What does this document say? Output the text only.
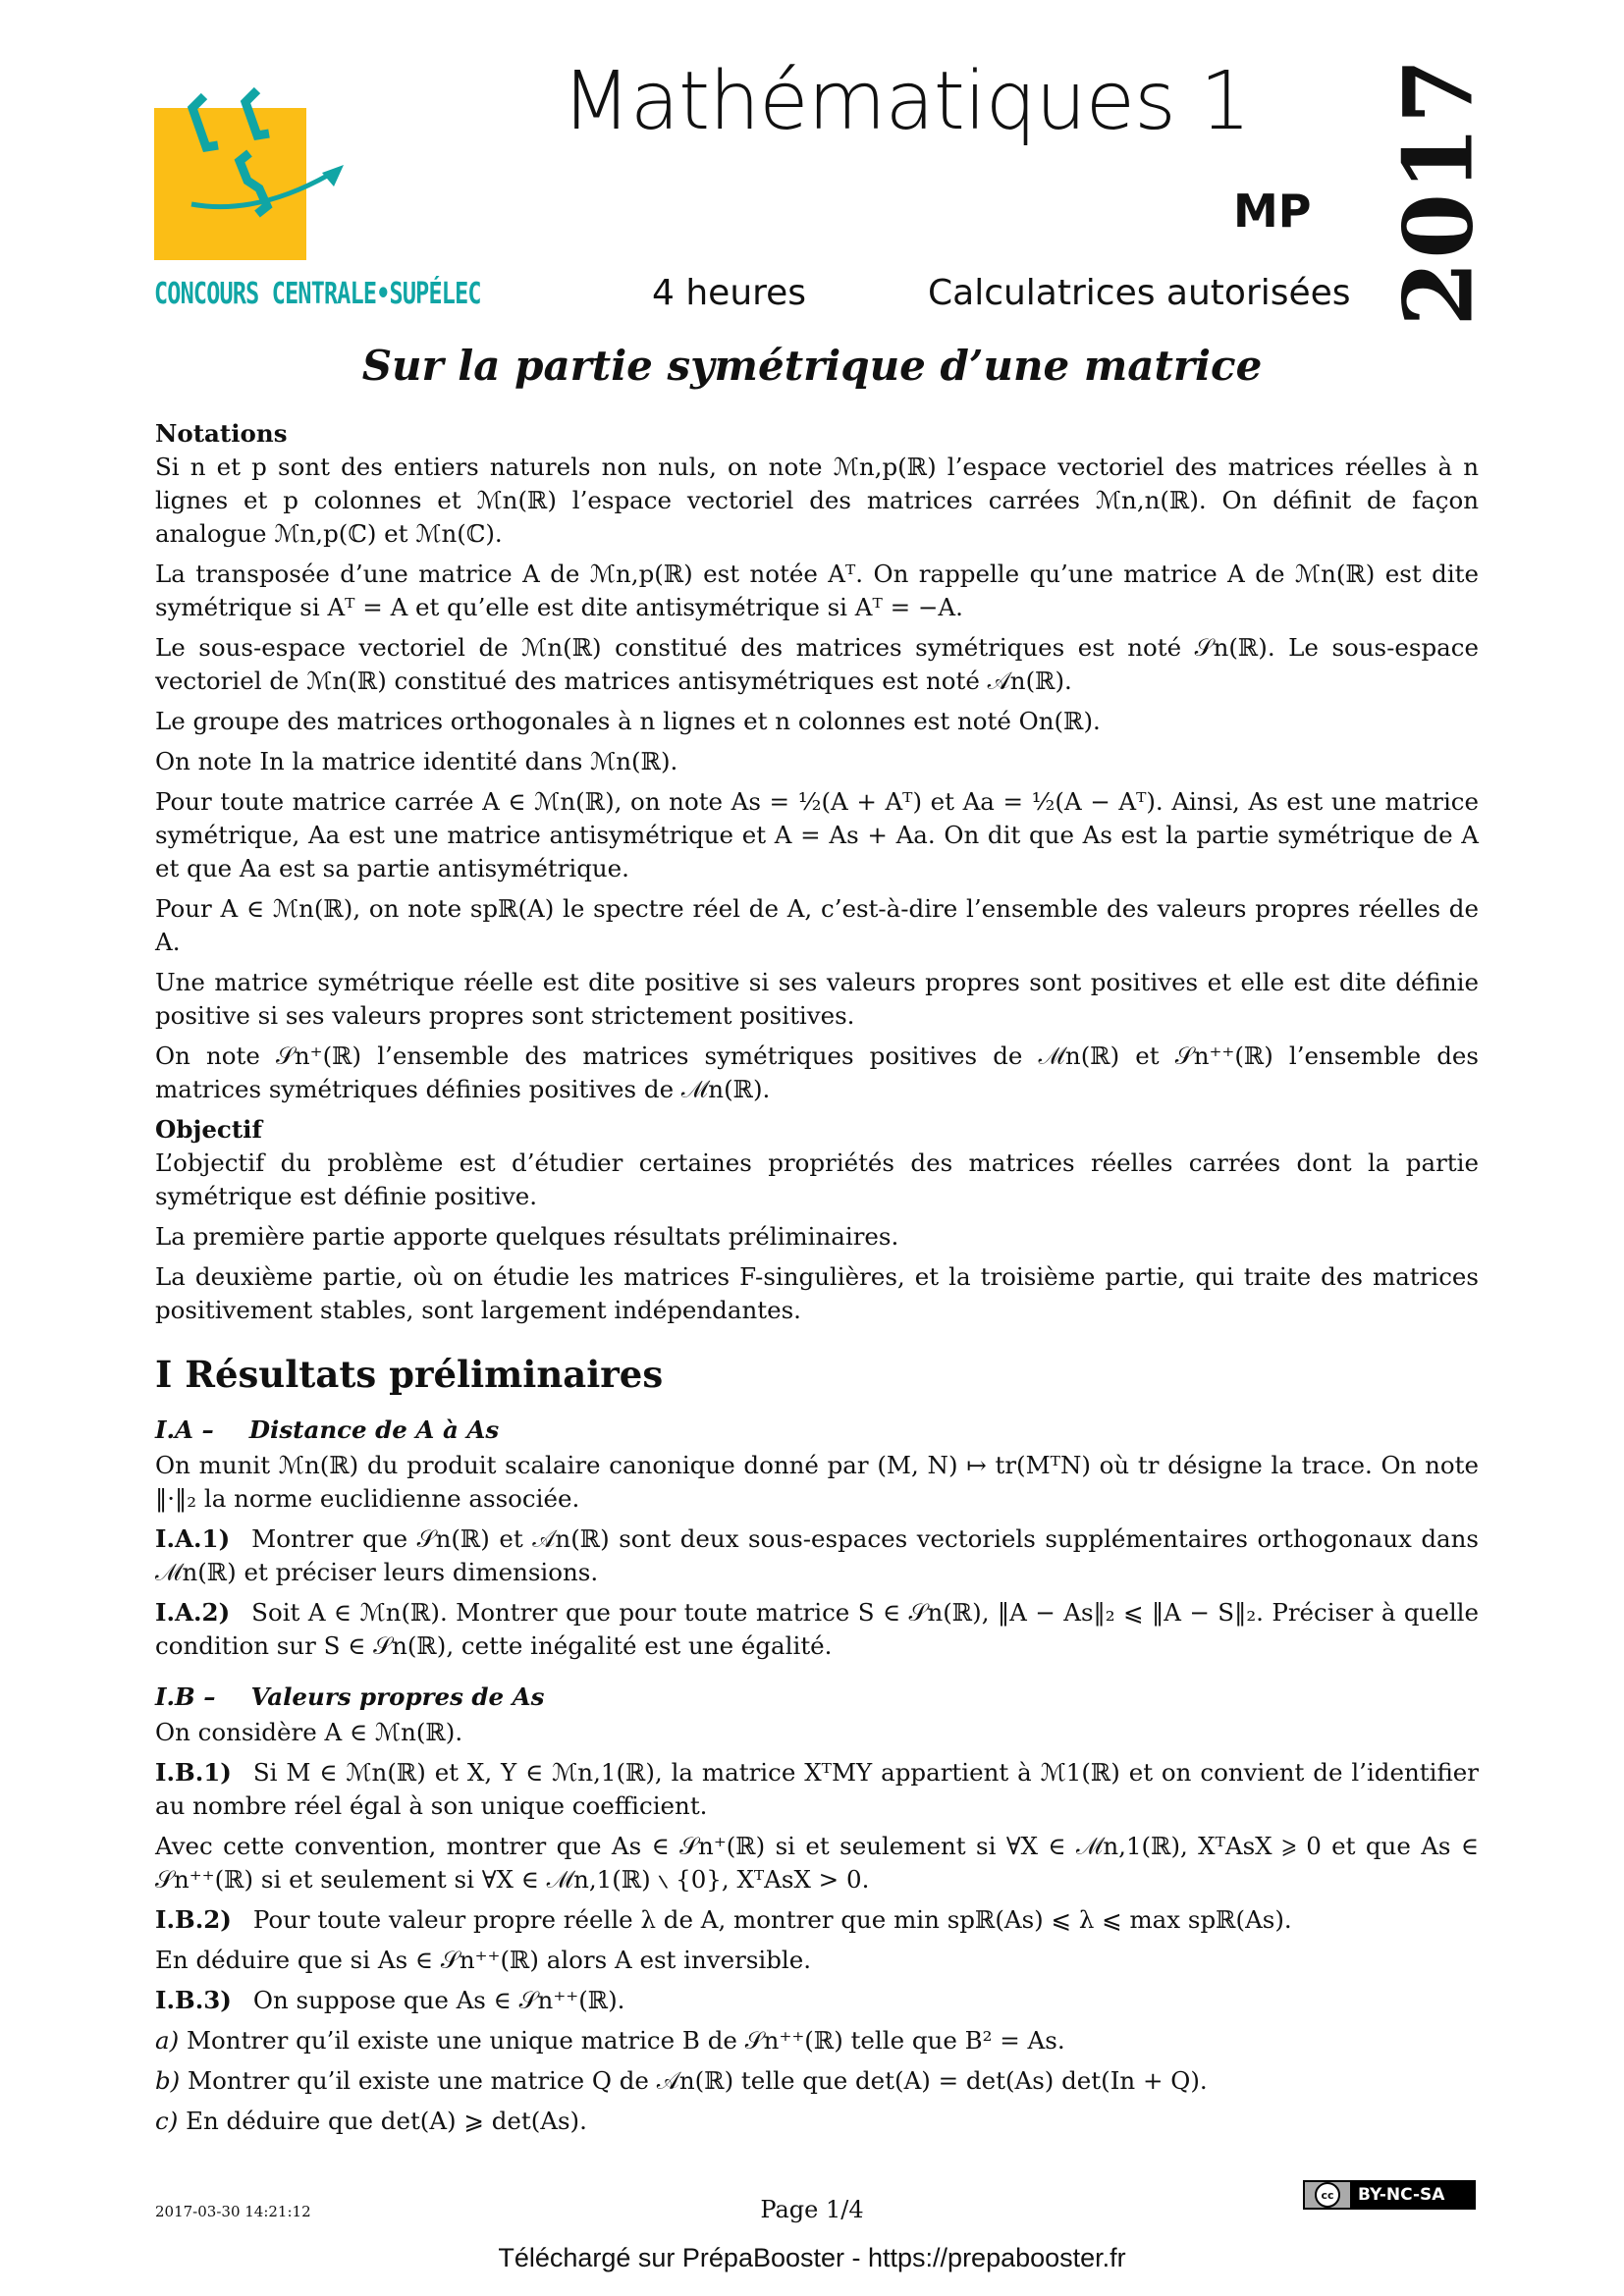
CONCOURS CENTRALE•SUPÉLEC
Mathématiques 1
MP 2017
4 heures	Calculatrices autorisées
Sur la partie symétrique d’une matrice
Notations

Si n et p sont des entiers naturels non nuls, on note ℳn,p(ℝ) l’espace vectoriel des matrices réelles à n lignes et p colonnes et ℳn(ℝ) l’espace vectoriel des matrices carrées ℳn,n(ℝ). On définit de façon analogue ℳn,p(ℂ) et ℳn(ℂ).

La transposée d’une matrice A de ℳn,p(ℝ) est notée Aᵀ. On rappelle qu’une matrice A de ℳn(ℝ) est dite symétrique si Aᵀ = A et qu’elle est dite antisymétrique si Aᵀ = −A.

Le sous-espace vectoriel de ℳn(ℝ) constitué des matrices symétriques est noté 𝒮n(ℝ). Le sous-espace vectoriel de ℳn(ℝ) constitué des matrices antisymétriques est noté 𝒜n(ℝ).

Le groupe des matrices orthogonales à n lignes et n colonnes est noté On(ℝ).

On note In la matrice identité dans ℳn(ℝ).

Pour toute matrice carrée A ∈ ℳn(ℝ), on note As = ½(A + Aᵀ) et Aa = ½(A − Aᵀ). Ainsi, As est une matrice symétrique, Aa est une matrice antisymétrique et A = As + Aa. On dit que As est la partie symétrique de A et que Aa est sa partie antisymétrique.

Pour A ∈ ℳn(ℝ), on note spℝ(A) le spectre réel de A, c’est-à-dire l’ensemble des valeurs propres réelles de A.

Une matrice symétrique réelle est dite positive si ses valeurs propres sont positives et elle est dite définie positive si ses valeurs propres sont strictement positives.

On note 𝒮n⁺(ℝ) l’ensemble des matrices symétriques positives de ℳn(ℝ) et 𝒮n⁺⁺(ℝ) l’ensemble des matrices symétriques définies positives de ℳn(ℝ).

Objectif

L’objectif du problème est d’étudier certaines propriétés des matrices réelles carrées dont la partie symétrique est définie positive.

La première partie apporte quelques résultats préliminaires.

La deuxième partie, où on étudie les matrices F-singulières, et la troisième partie, qui traite des matrices positivement stables, sont largement indépendantes.

I Résultats préliminaires
I.A – Distance de A à As

On munit ℳn(ℝ) du produit scalaire canonique donné par (M, N) ↦ tr(MᵀN) où tr désigne la trace. On note ‖·‖₂ la norme euclidienne associée.

I.A.1) Montrer que 𝒮n(ℝ) et 𝒜n(ℝ) sont deux sous-espaces vectoriels supplémentaires orthogonaux dans ℳn(ℝ) et préciser leurs dimensions.

I.A.2) Soit A ∈ ℳn(ℝ). Montrer que pour toute matrice S ∈ 𝒮n(ℝ), ‖A − As‖₂ ⩽ ‖A − S‖₂. Préciser à quelle condition sur S ∈ 𝒮n(ℝ), cette inégalité est une égalité.

I.B – Valeurs propres de As

On considère A ∈ ℳn(ℝ).

I.B.1) Si M ∈ ℳn(ℝ) et X, Y ∈ ℳn,1(ℝ), la matrice XᵀMY appartient à ℳ1(ℝ) et on convient de l’identifier au nombre réel égal à son unique coefficient.

Avec cette convention, montrer que As ∈ 𝒮n⁺(ℝ) si et seulement si ∀X ∈ ℳn,1(ℝ), XᵀAsX ⩾ 0 et que As ∈ 𝒮n⁺⁺(ℝ) si et seulement si ∀X ∈ ℳn,1(ℝ) ∖ {0}, XᵀAsX > 0.

I.B.2) Pour toute valeur propre réelle λ de A, montrer que min spℝ(As) ⩽ λ ⩽ max spℝ(As).

En déduire que si As ∈ 𝒮n⁺⁺(ℝ) alors A est inversible.

I.B.3) On suppose que As ∈ 𝒮n⁺⁺(ℝ).

a) Montrer qu’il existe une unique matrice B de 𝒮n⁺⁺(ℝ) telle que B² = As.

b) Montrer qu’il existe une matrice Q de 𝒜n(ℝ) telle que det(A) = det(As) det(In + Q).

c) En déduire que det(A) ⩾ det(As).

2017-03-30 14:21:12	Page 1/4
cc	BY-NC-SA
Téléchargé sur PrépaBooster - https://prepabooster.fr
